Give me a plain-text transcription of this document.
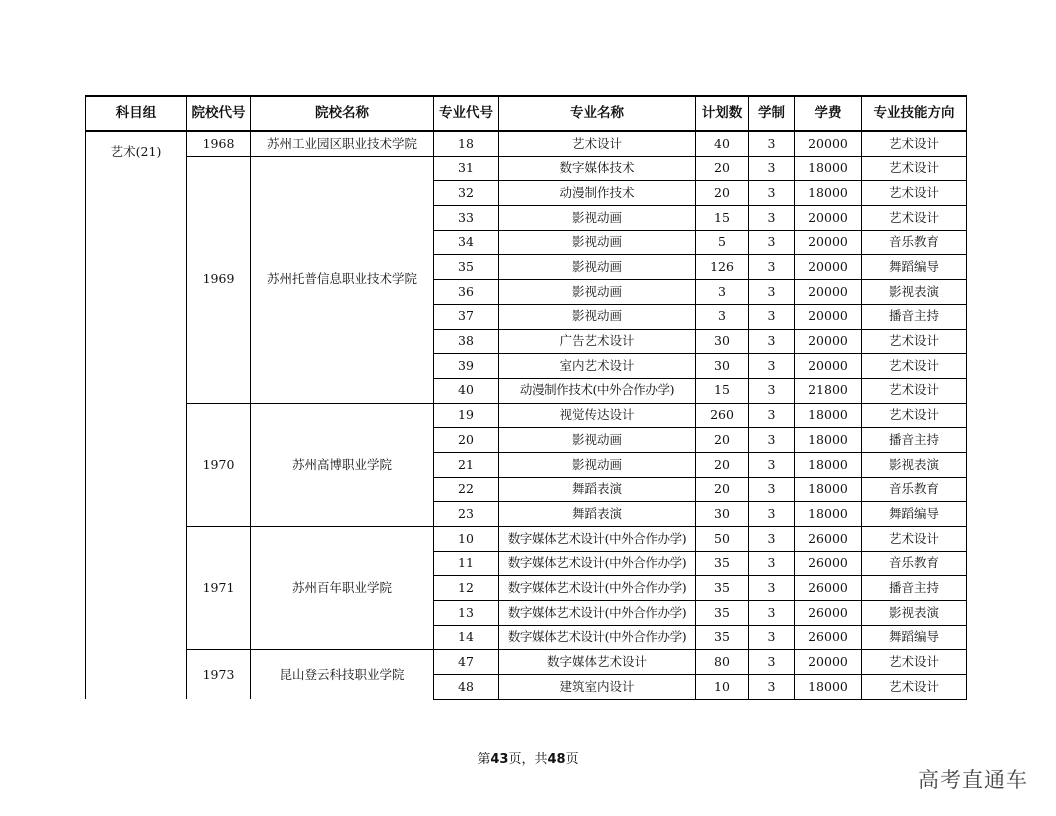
科目组	院校代号	院校名称	专业代号	专业名称	计划数	学制	学费	专业技能方向
艺术(21)	1968	苏州工业园区职业技术学院	18	艺术设计	40	3	20000	艺术设计
	1969	苏州托普信息职业技术学院	31	数字媒体技术	20	3	18000	艺术设计
			32	动漫制作技术	20	3	18000	艺术设计
			33	影视动画	15	3	20000	艺术设计
			34	影视动画	5	3	20000	音乐教育
			35	影视动画	126	3	20000	舞蹈编导
			36	影视动画	3	3	20000	影视表演
			37	影视动画	3	3	20000	播音主持
			38	广告艺术设计	30	3	20000	艺术设计
			39	室内艺术设计	30	3	20000	艺术设计
			40	动漫制作技术(中外合作办学)	15	3	21800	艺术设计
	1970	苏州高博职业学院	19	视觉传达设计	260	3	18000	艺术设计
			20	影视动画	20	3	18000	播音主持
			21	影视动画	20	3	18000	影视表演
			22	舞蹈表演	20	3	18000	音乐教育
			23	舞蹈表演	30	3	18000	舞蹈编导
	1971	苏州百年职业学院	10	数字媒体艺术设计(中外合作办学)	50	3	26000	艺术设计
			11	数字媒体艺术设计(中外合作办学)	35	3	26000	音乐教育
			12	数字媒体艺术设计(中外合作办学)	35	3	26000	播音主持
			13	数字媒体艺术设计(中外合作办学)	35	3	26000	影视表演
			14	数字媒体艺术设计(中外合作办学)	35	3	26000	舞蹈编导
	1973	昆山登云科技职业学院	47	数字媒体艺术设计	80	3	20000	艺术设计
			48	建筑室内设计	10	3	18000	艺术设计
第43页，共48页
高考直通车
